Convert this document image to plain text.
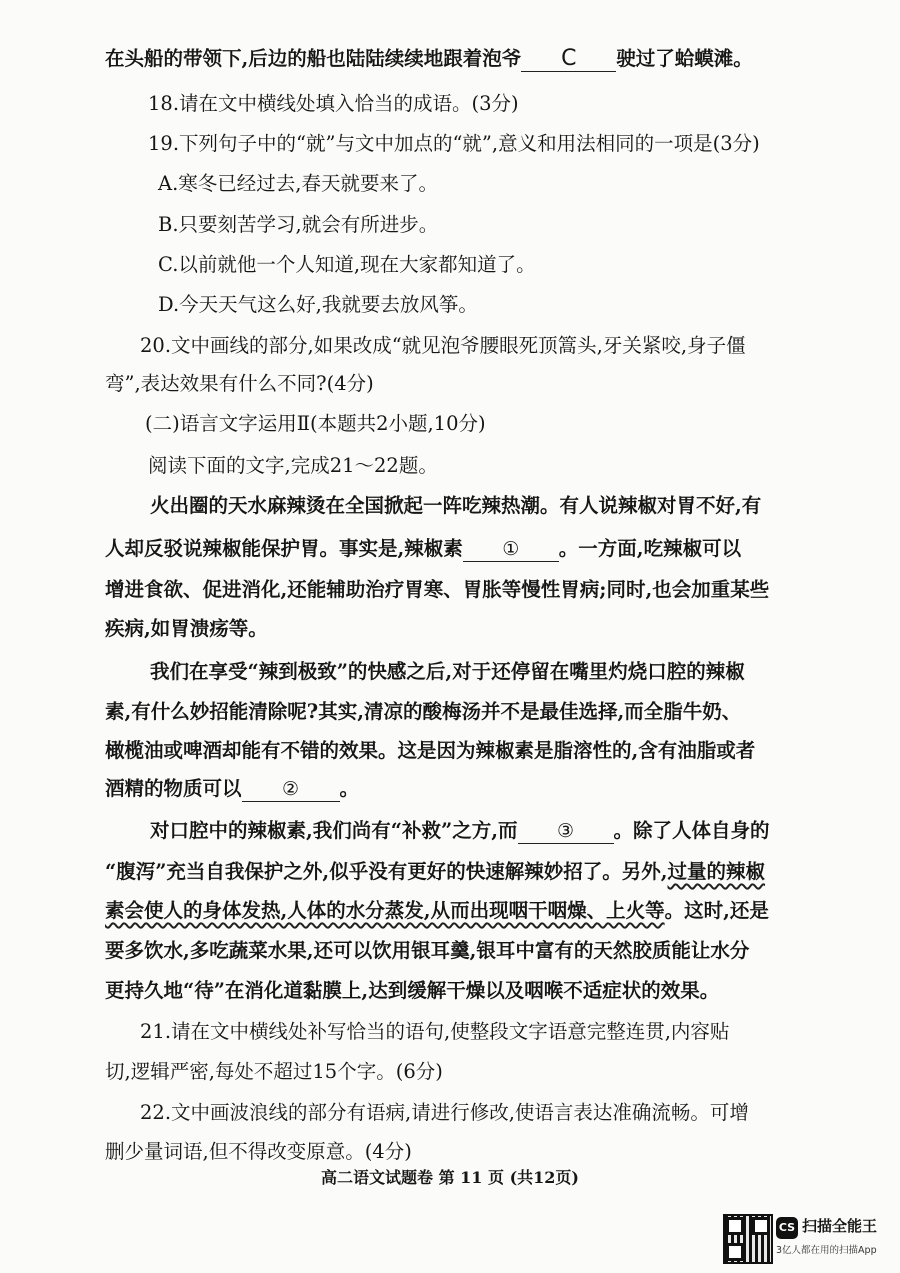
在头船的带领下,后边的船也陆陆续续地跟着泡爷 C 驶过了蛤蟆滩。
18.请在文中横线处填入恰当的成语。(3分)
19.下列句子中的“就”与文中加点的“就”,意义和用法相同的一项是(3分)
A.寒冬已经过去,春天就要来了。
B.只要刻苦学习,就会有所进步。
C.以前就他一个人知道,现在大家都知道了。
D.今天天气这么好,我就要去放风筝。
20.文中画线的部分,如果改成“就见泡爷腰眼死顶篙头,牙关紧咬,身子僵
弯”,表达效果有什么不同?(4分)
(二)语言文字运用Ⅱ(本题共2小题,10分)
阅读下面的文字,完成21～22题。
火出圈的天水麻辣烫在全国掀起一阵吃辣热潮。有人说辣椒对胃不好,有
人却反驳说辣椒能保护胃。事实是,辣椒素 ① 。一方面,吃辣椒可以
增进食欲、促进消化,还能辅助治疗胃寒、胃胀等慢性胃病;同时,也会加重某些
疾病,如胃溃疡等。
我们在享受“辣到极致”的快感之后,对于还停留在嘴里灼烧口腔的辣椒
素,有什么妙招能清除呢?其实,清凉的酸梅汤并不是最佳选择,而全脂牛奶、
橄榄油或啤酒却能有不错的效果。这是因为辣椒素是脂溶性的,含有油脂或者
酒精的物质可以 ② 。
对口腔中的辣椒素,我们尚有“补救”之方,而 ③ 。除了人体自身的
“腹泻”充当自我保护之外,似乎没有更好的快速解辣妙招了。另外,过量的辣椒
素会使人的身体发热,人体的水分蒸发,从而出现咽干咽燥、上火等。这时,还是
要多饮水,多吃蔬菜水果,还可以饮用银耳羹,银耳中富有的天然胶质能让水分
更持久地“待”在消化道黏膜上,达到缓解干燥以及咽喉不适症状的效果。
21.请在文中横线处补写恰当的语句,使整段文字语意完整连贯,内容贴
切,逻辑严密,每处不超过15个字。(6分)
22.文中画波浪线的部分有语病,请进行修改,使语言表达准确流畅。可增
删少量词语,但不得改变原意。(4分)
高二语文试题卷 第 11 页 (共12页)
CS 扫描全能王
3亿人都在用的扫描App
